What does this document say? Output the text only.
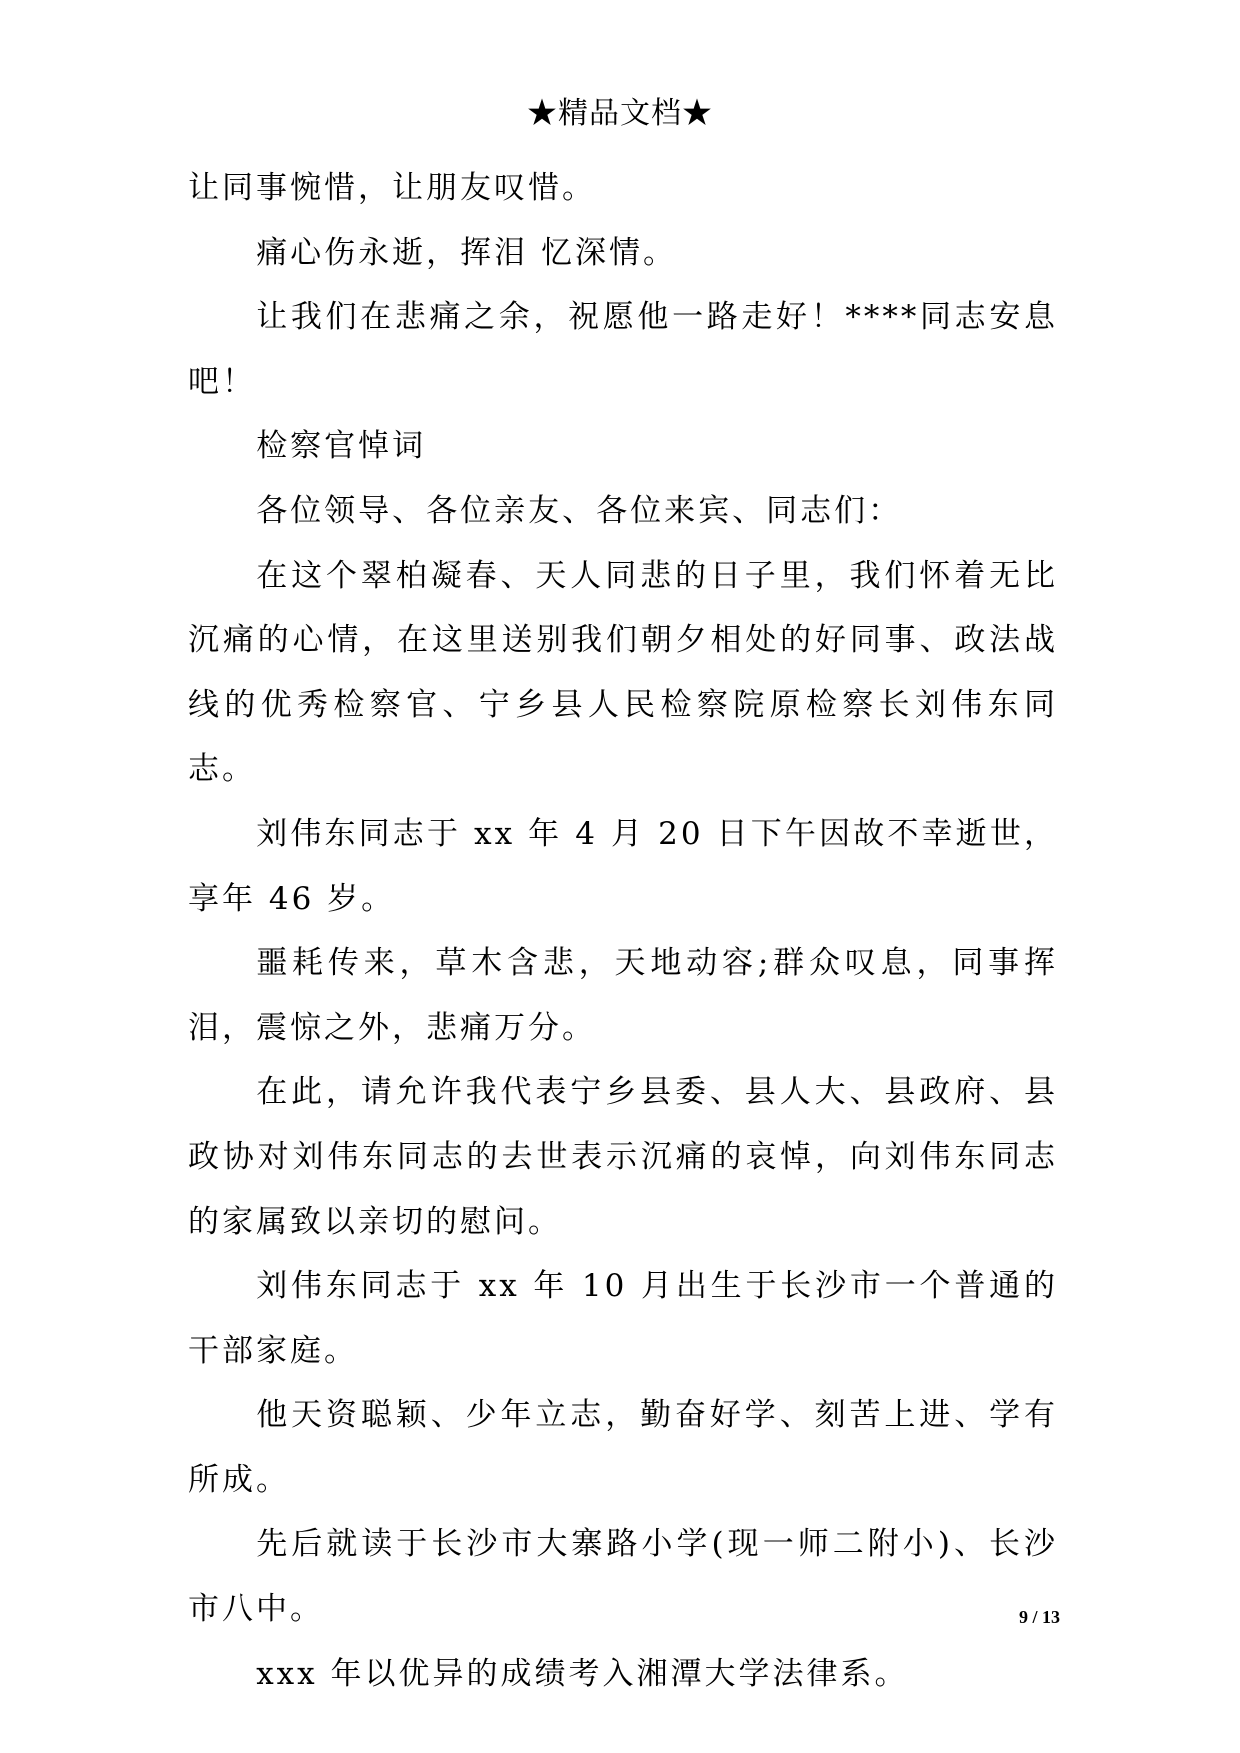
★精品文档★

让同事惋惜，让朋友叹惜。

痛心伤永逝，挥泪 忆深情。

让我们在悲痛之余，祝愿他一路走好！****同志安息吧！

检察官悼词

各位领导、各位亲友、各位来宾、同志们：

在这个翠柏凝春、天人同悲的日子里，我们怀着无比沉痛的心情，在这里送别我们朝夕相处的好同事、政法战线的优秀检察官、宁乡县人民检察院原检察长刘伟东同志。

刘伟东同志于 xx 年 4 月 20 日下午因故不幸逝世，享年 46 岁。

噩耗传来，草木含悲，天地动容;群众叹息，同事挥泪，震惊之外，悲痛万分。

在此，请允许我代表宁乡县委、县人大、县政府、县政协对刘伟东同志的去世表示沉痛的哀悼，向刘伟东同志的家属致以亲切的慰问。

刘伟东同志于 xx 年 10 月出生于长沙市一个普通的干部家庭。

他天资聪颖、少年立志，勤奋好学、刻苦上进、学有所成。

先后就读于长沙市大寨路小学(现一师二附小)、长沙市八中。

xxx 年以优异的成绩考入湘潭大学法律系。

9 / 13
